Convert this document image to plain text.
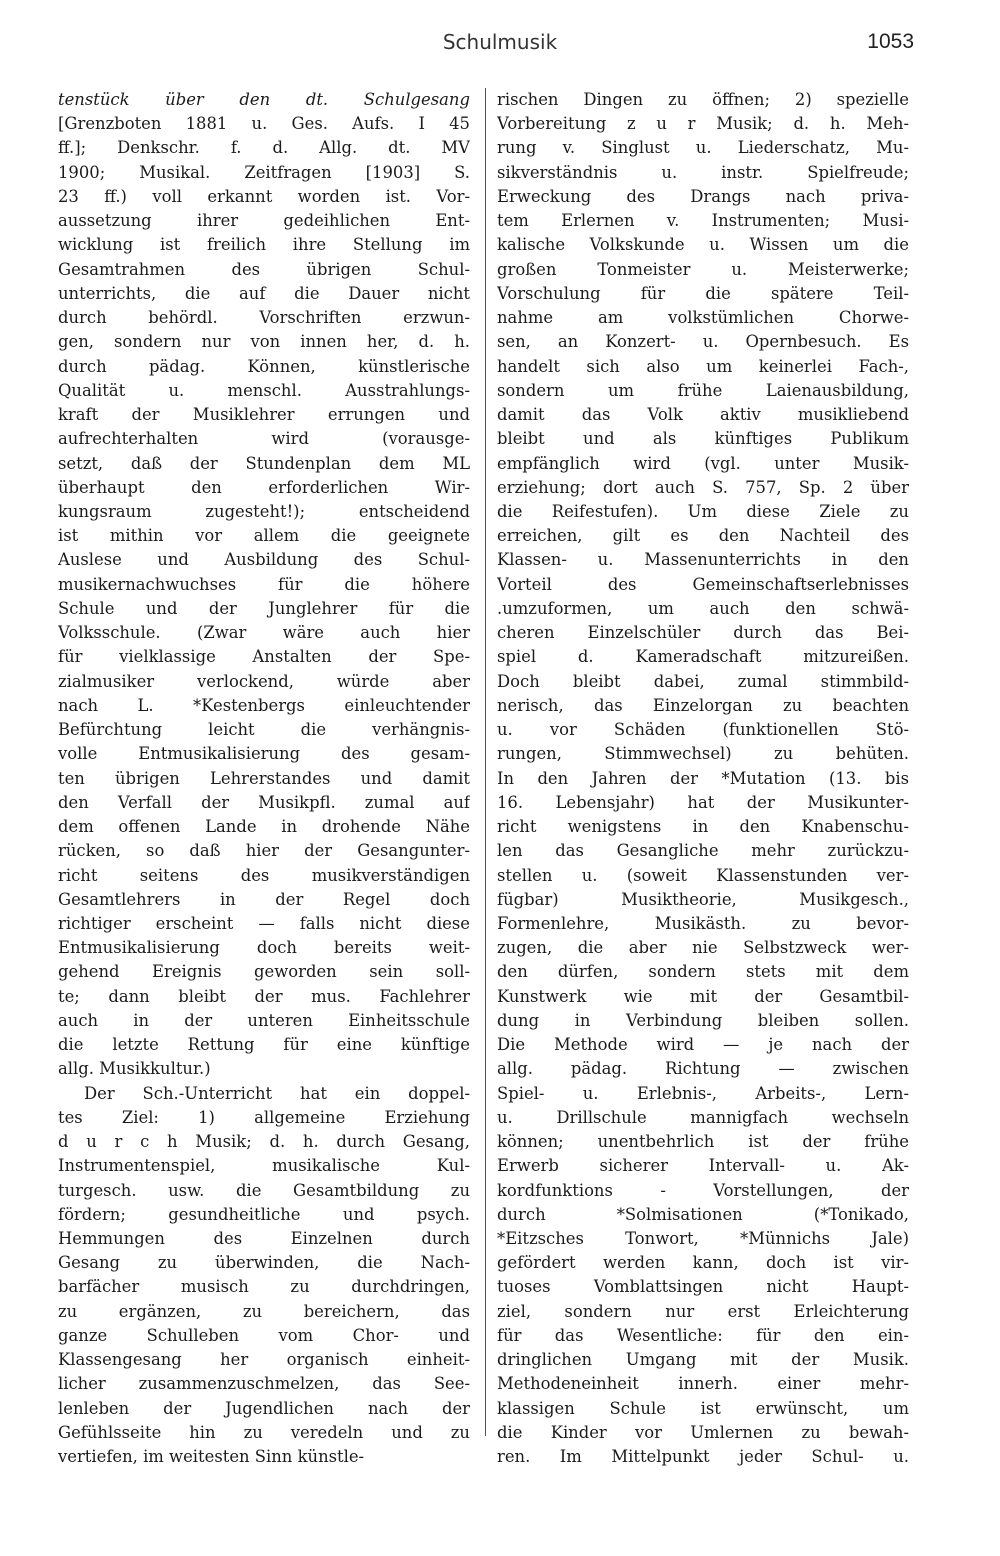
Schulmusik	1053
tenstück über den dt. Schulgesang
[Grenzboten 1881 u. Ges. Aufs. I 45
ff.]; Denkschr. f. d. Allg. dt. MV
1900; Musikal. Zeitfragen [1903] S.
23 ff.) voll erkannt worden ist. Vor-
aussetzung ihrer gedeihlichen Ent-
wicklung ist freilich ihre Stellung im
Gesamtrahmen des übrigen Schul-
unterrichts, die auf die Dauer nicht
durch behördl. Vorschriften erzwun-
gen, sondern nur von innen her, d. h.
durch pädag. Können, künstlerische
Qualität u. menschl. Ausstrahlungs-
kraft der Musiklehrer errungen und
aufrechterhalten wird (vorausge-
setzt, daß der Stundenplan dem ML
überhaupt den erforderlichen Wir-
kungsraum zugesteht!); entscheidend
ist mithin vor allem die geeignete
Auslese und Ausbildung des Schul-
musikernachwuchses für die höhere
Schule und der Junglehrer für die
Volksschule. (Zwar wäre auch hier
für vielklassige Anstalten der Spe-
zialmusiker verlockend, würde aber
nach L. *Kestenbergs einleuchtender
Befürchtung leicht die verhängnis-
volle Entmusikalisierung des gesam-
ten übrigen Lehrerstandes und damit
den Verfall der Musikpfl. zumal auf
dem offenen Lande in drohende Nähe
rücken, so daß hier der Gesangunter-
richt seitens des musikverständigen
Gesamtlehrers in der Regel doch
richtiger erscheint — falls nicht diese
Entmusikalisierung doch bereits weit-
gehend Ereignis geworden sein soll-
te; dann bleibt der mus. Fachlehrer
auch in der unteren Einheitsschule
die letzte Rettung für eine künftige
allg. Musikkultur.)
Der Sch.-Unterricht hat ein doppel-
tes Ziel: 1) allgemeine Erziehung
d u r c h Musik; d. h. durch Gesang,
Instrumentenspiel, musikalische Kul-
turgesch. usw. die Gesamtbildung zu
fördern; gesundheitliche und psych.
Hemmungen des Einzelnen durch
Gesang zu überwinden, die Nach-
barfächer musisch zu durchdringen,
zu ergänzen, zu bereichern, das
ganze Schulleben vom Chor- und
Klassengesang her organisch einheit-
licher zusammenzuschmelzen, das See-
lenleben der Jugendlichen nach der
Gefühlsseite hin zu veredeln und zu
vertiefen, im weitesten Sinn künstle-
rischen Dingen zu öffnen; 2) spezielle
Vorbereitung z u r Musik; d. h. Meh-
rung v. Singlust u. Liederschatz, Mu-
sikverständnis u. instr. Spielfreude;
Erweckung des Drangs nach priva-
tem Erlernen v. Instrumenten; Musi-
kalische Volkskunde u. Wissen um die
großen Tonmeister u. Meisterwerke;
Vorschulung für die spätere Teil-
nahme am volkstümlichen Chorwe-
sen, an Konzert- u. Opernbesuch. Es
handelt sich also um keinerlei Fach-,
sondern um frühe Laienausbildung,
damit das Volk aktiv musikliebend
bleibt und als künftiges Publikum
empfänglich wird (vgl. unter Musik-
erziehung; dort auch S. 757, Sp. 2 über
die Reifestufen). Um diese Ziele zu
erreichen, gilt es den Nachteil des
Klassen- u. Massenunterrichts in den
Vorteil des Gemeinschaftserlebnisses
.umzuformen, um auch den schwä-
cheren Einzelschüler durch das Bei-
spiel d. Kameradschaft mitzureißen.
Doch bleibt dabei, zumal stimmbild-
nerisch, das Einzelorgan zu beachten
u. vor Schäden (funktionellen Stö-
rungen, Stimmwechsel) zu behüten.
In den Jahren der *Mutation (13. bis
16. Lebensjahr) hat der Musikunter-
richt wenigstens in den Knabenschu-
len das Gesangliche mehr zurückzu-
stellen u. (soweit Klassenstunden ver-
fügbar) Musiktheorie, Musikgesch.,
Formenlehre, Musikästh. zu bevor-
zugen, die aber nie Selbstzweck wer-
den dürfen, sondern stets mit dem
Kunstwerk wie mit der Gesamtbil-
dung in Verbindung bleiben sollen.
Die Methode wird — je nach der
allg. pädag. Richtung — zwischen
Spiel- u. Erlebnis-, Arbeits-, Lern-
u. Drillschule mannigfach wechseln
können; unentbehrlich ist der frühe
Erwerb sicherer Intervall- u. Ak-
kordfunktions - Vorstellungen, der
durch *Solmisationen (*Tonikado,
*Eitzsches Tonwort, *Münnichs Jale)
gefördert werden kann, doch ist vir-
tuoses Vomblattsingen nicht Haupt-
ziel, sondern nur erst Erleichterung
für das Wesentliche: für den ein-
dringlichen Umgang mit der Musik.
Methodeneinheit innerh. einer mehr-
klassigen Schule ist erwünscht, um
die Kinder vor Umlernen zu bewah-
ren. Im Mittelpunkt jeder Schul- u.
